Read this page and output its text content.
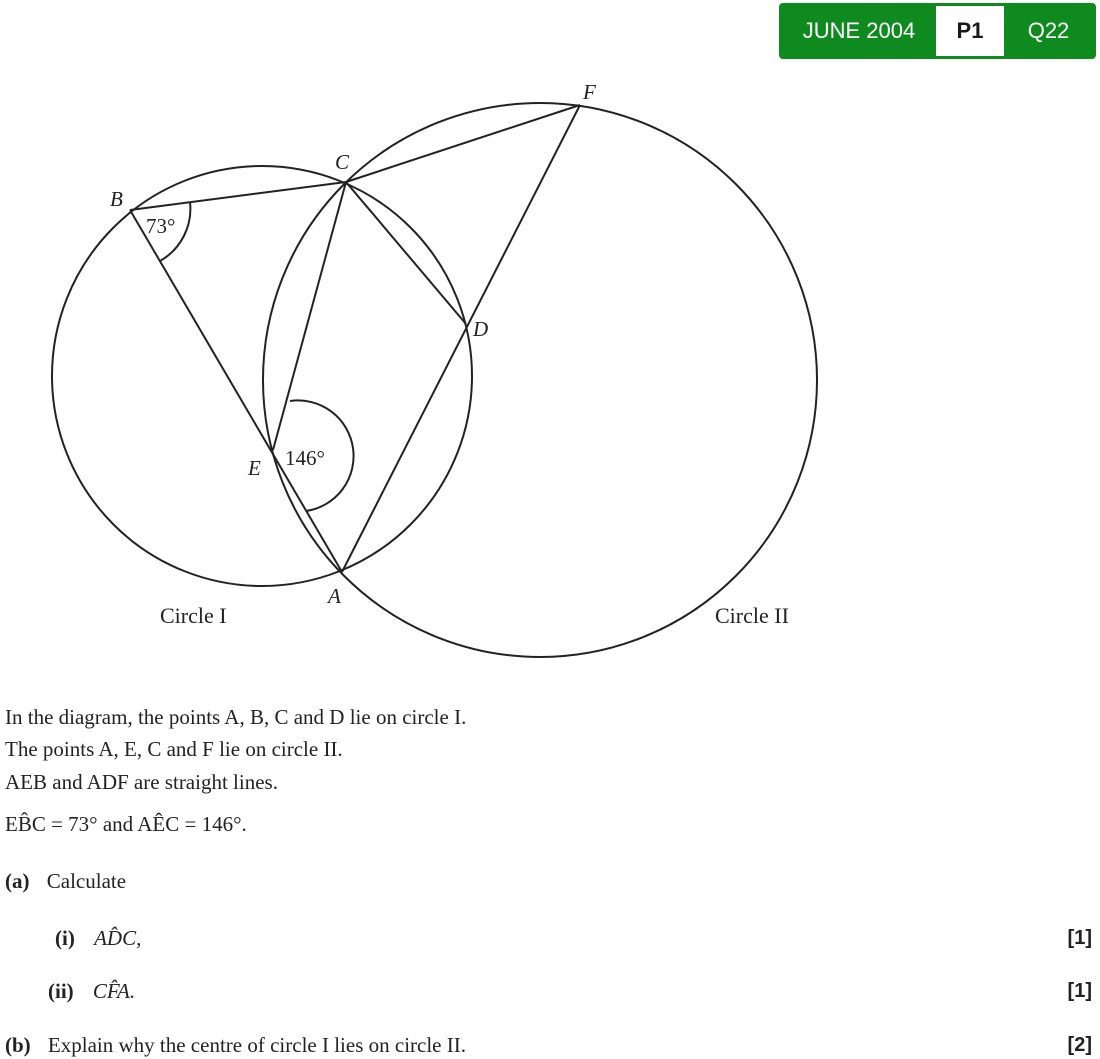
JUNE 2004	P1	Q22
B
C
D
E
A
F
73°
146°
Circle I	Circle II
In the diagram, the points A, B, C and D lie on circle I.
The points A, E, C and F lie on circle II.
AEB and ADF are straight lines.
EB̂C = 73° and AÊC = 146°.
(a) Calculate
(i) AD̂C,	[1]
(ii) CF̂A.	[1]
(b) Explain why the centre of circle I lies on circle II.	[2]
